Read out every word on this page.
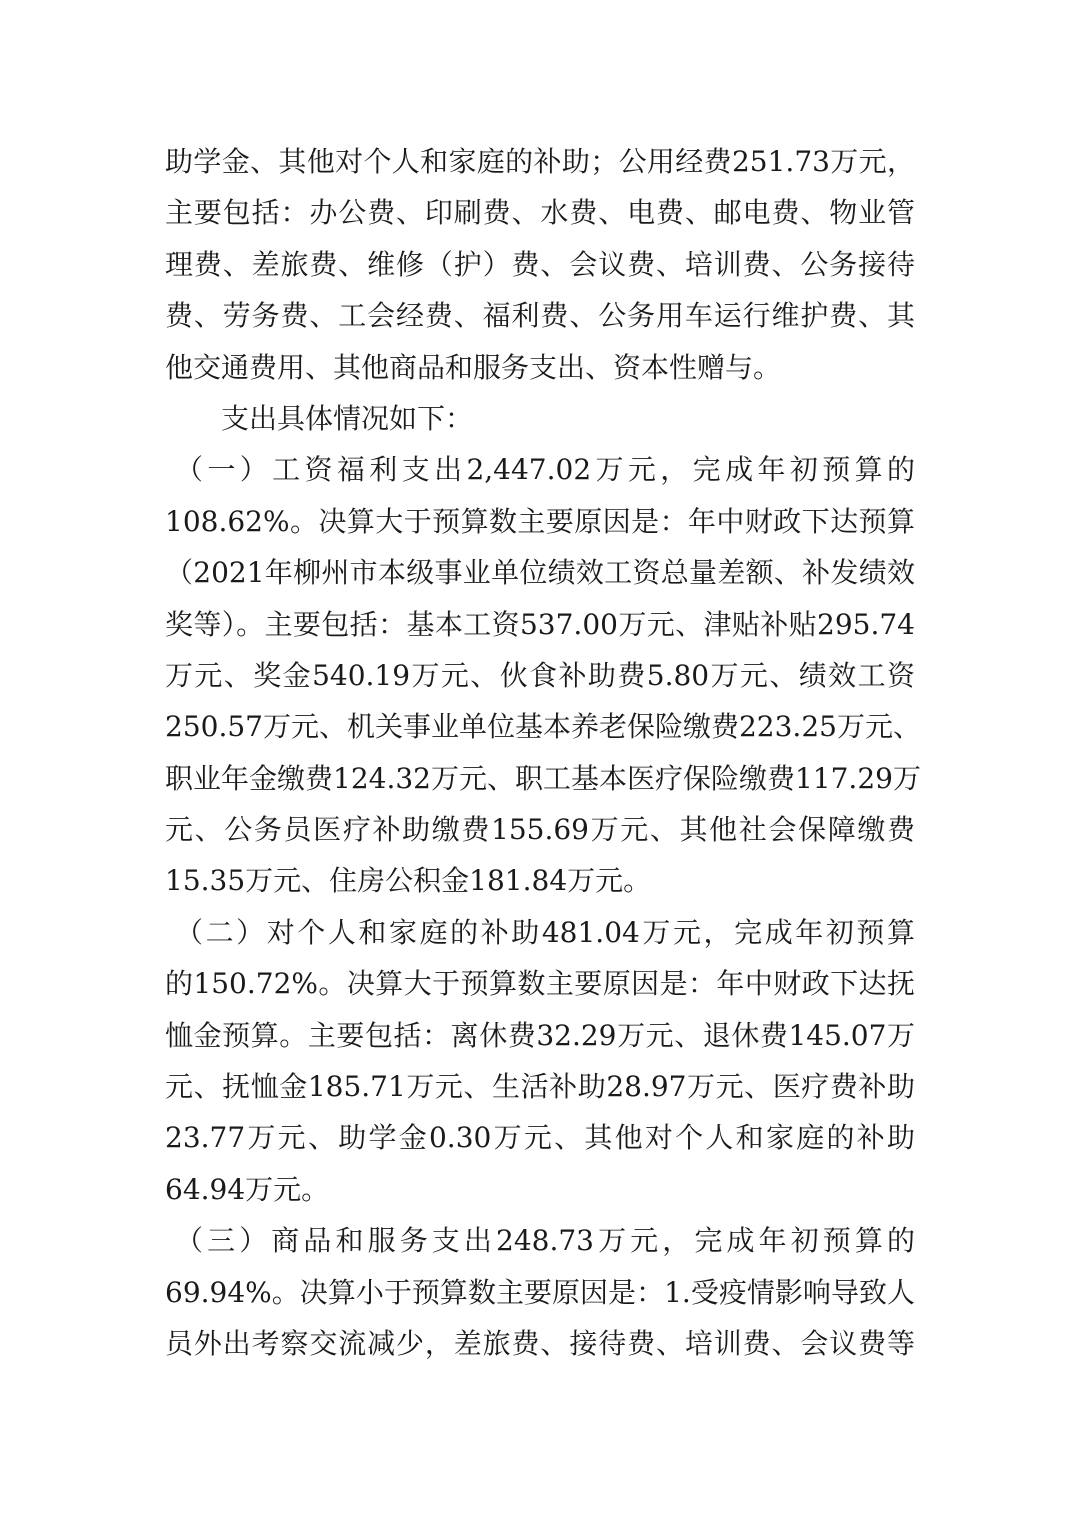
助学金、其他对个人和家庭的补助；公用经费251.73万元，
主要包括：办公费、印刷费、水费、电费、邮电费、物业管
理费、差旅费、维修（护）费、会议费、培训费、公务接待
费、劳务费、工会经费、福利费、公务用车运行维护费、其
他交通费用、其他商品和服务支出、资本性赠与。
支出具体情况如下：
（一）工资福利支出2,447.02万元，完成年初预算的
108.62%。决算大于预算数主要原因是：年中财政下达预算
（2021年柳州市本级事业单位绩效工资总量差额、补发绩效
奖等）。主要包括：基本工资537.00万元、津贴补贴295.74
万元、奖金540.19万元、伙食补助费5.80万元、绩效工资
250.57万元、机关事业单位基本养老保险缴费223.25万元、
职业年金缴费124.32万元、职工基本医疗保险缴费117.29万
元、公务员医疗补助缴费155.69万元、其他社会保障缴费
15.35万元、住房公积金181.84万元。
（二）对个人和家庭的补助481.04万元，完成年初预算
的150.72%。决算大于预算数主要原因是：年中财政下达抚
恤金预算。主要包括：离休费32.29万元、退休费145.07万
元、抚恤金185.71万元、生活补助28.97万元、医疗费补助
23.77万元、助学金0.30万元、其他对个人和家庭的补助
64.94万元。
（三）商品和服务支出248.73万元，完成年初预算的
69.94%。决算小于预算数主要原因是：1.受疫情影响导致人
员外出考察交流减少，差旅费、接待费、培训费、会议费等
